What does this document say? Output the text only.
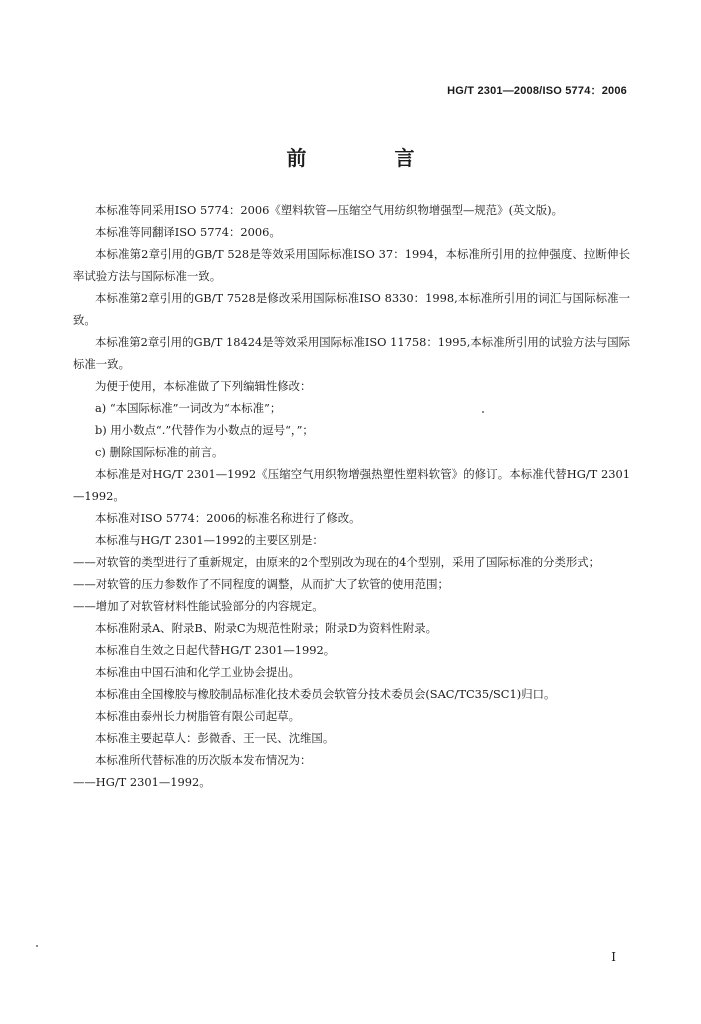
HG/T 2301—2008/ISO 5774：2006
前　言

本标准等同采用ISO 5774：2006《塑料软管—压缩空气用纺织物增强型—规范》(英文版)。

本标准等同翻译ISO 5774：2006。

本标准第2章引用的GB/T 528是等效采用国际标准ISO 37：1994，本标准所引用的拉伸强度、拉断伸长率试验方法与国际标准一致。

本标准第2章引用的GB/T 7528是修改采用国际标准ISO 8330：1998,本标准所引用的词汇与国际标准一致。

本标准第2章引用的GB/T 18424是等效采用国际标准ISO 11758：1995,本标准所引用的试验方法与国际标准一致。

为便于使用，本标准做了下列编辑性修改：

a) “本国际标准”一词改为“本标准”；

b) 用小数点“.”代替作为小数点的逗号“，”；

c) 删除国际标准的前言。

本标准是对HG/T 2301—1992《压缩空气用织物增强热塑性塑料软管》的修订。本标准代替HG/T 2301—1992。

本标准对ISO 5774：2006的标准名称进行了修改。

本标准与HG/T 2301—1992的主要区别是：

——对软管的类型进行了重新规定，由原来的2个型别改为现在的4个型别，采用了国际标准的分类形式；

——对软管的压力参数作了不同程度的调整，从而扩大了软管的使用范围；

——增加了对软管材料性能试验部分的内容规定。

本标准附录A、附录B、附录C为规范性附录；附录D为资料性附录。

本标准自生效之日起代替HG/T 2301—1992。

本标准由中国石油和化学工业协会提出。

本标准由全国橡胶与橡胶制品标准化技术委员会软管分技术委员会(SAC/TC35/SC1)归口。

本标准由泰州长力树脂管有限公司起草。

本标准主要起草人：彭微香、王一民、沈维国。

本标准所代替标准的历次版本发布情况为：

——HG/T 2301—1992。

I
